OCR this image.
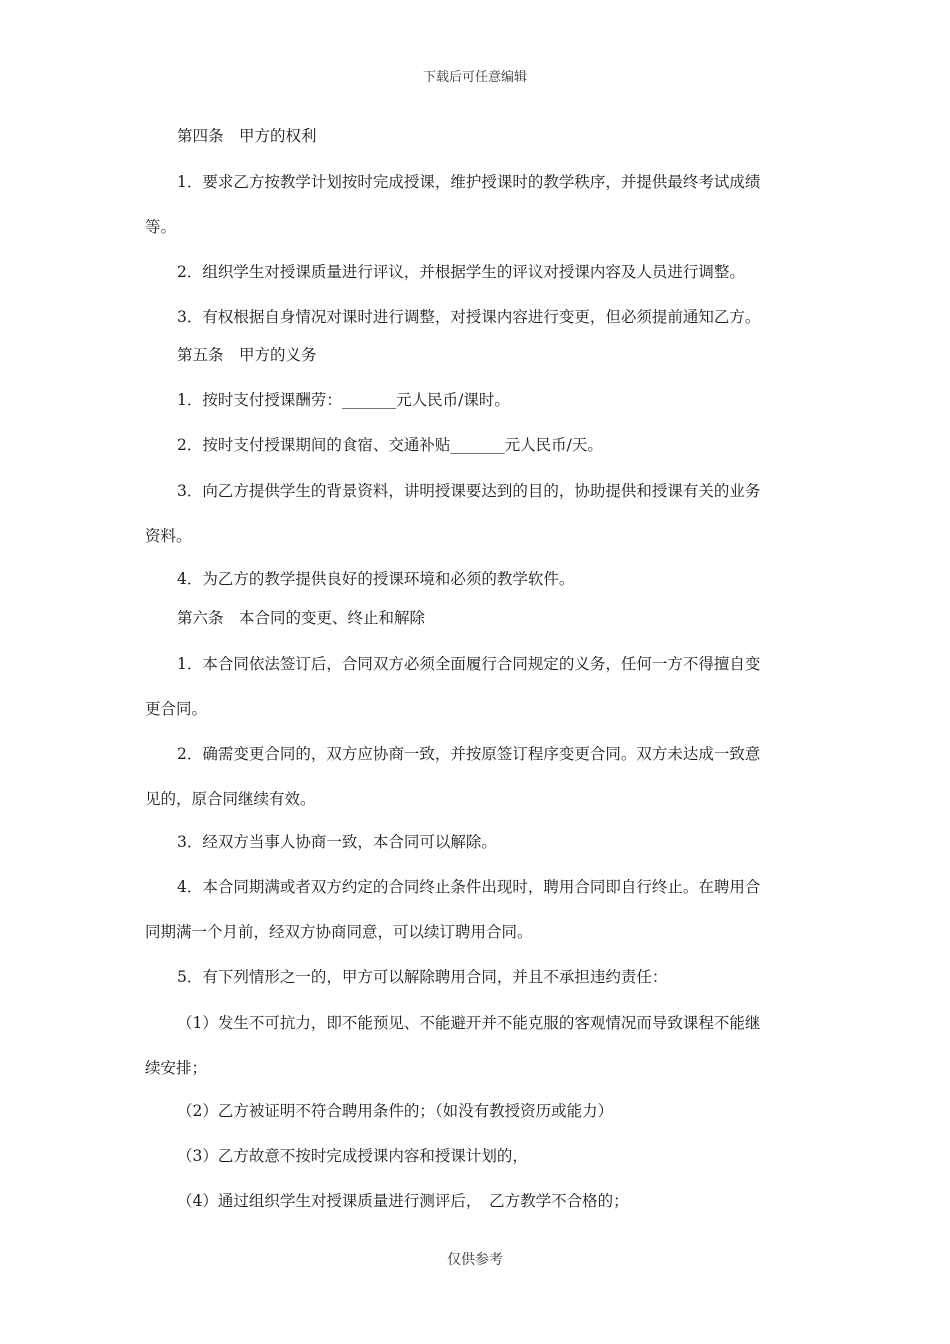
下载后可任意编辑
第四条　甲方的权利
1．要求乙方按教学计划按时完成授课，维护授课时的教学秩序，并提供最终考试成绩
等。
2．组织学生对授课质量进行评议，并根据学生的评议对授课内容及人员进行调整。
3．有权根据自身情况对课时进行调整，对授课内容进行变更，但必须提前通知乙方。
第五条　甲方的义务
1．按时支付授课酬劳：_______元人民币/课时。
2．按时支付授课期间的食宿、交通补贴_______元人民币/天。
3．向乙方提供学生的背景资料，讲明授课要达到的目的，协助提供和授课有关的业务
资料。
4．为乙方的教学提供良好的授课环境和必须的教学软件。
第六条　本合同的变更、终止和解除
1．本合同依法签订后，合同双方必须全面履行合同规定的义务，任何一方不得擅自变
更合同。
2．确需变更合同的，双方应协商一致，并按原签订程序变更合同。双方未达成一致意
见的，原合同继续有效。
3．经双方当事人协商一致，本合同可以解除。
4．本合同期满或者双方约定的合同终止条件出现时，聘用合同即自行终止。在聘用合
同期满一个月前，经双方协商同意，可以续订聘用合同。
5．有下列情形之一的，甲方可以解除聘用合同，并且不承担违约责任：
（1）发生不可抗力，即不能预见、不能避开并不能克服的客观情况而导致课程不能继
续安排；
（2）乙方被证明不符合聘用条件的；（如没有教授资历或能力）
（3）乙方故意不按时完成授课内容和授课计划的，
（4）通过组织学生对授课质量进行测评后，　乙方教学不合格的；
仅供参考
